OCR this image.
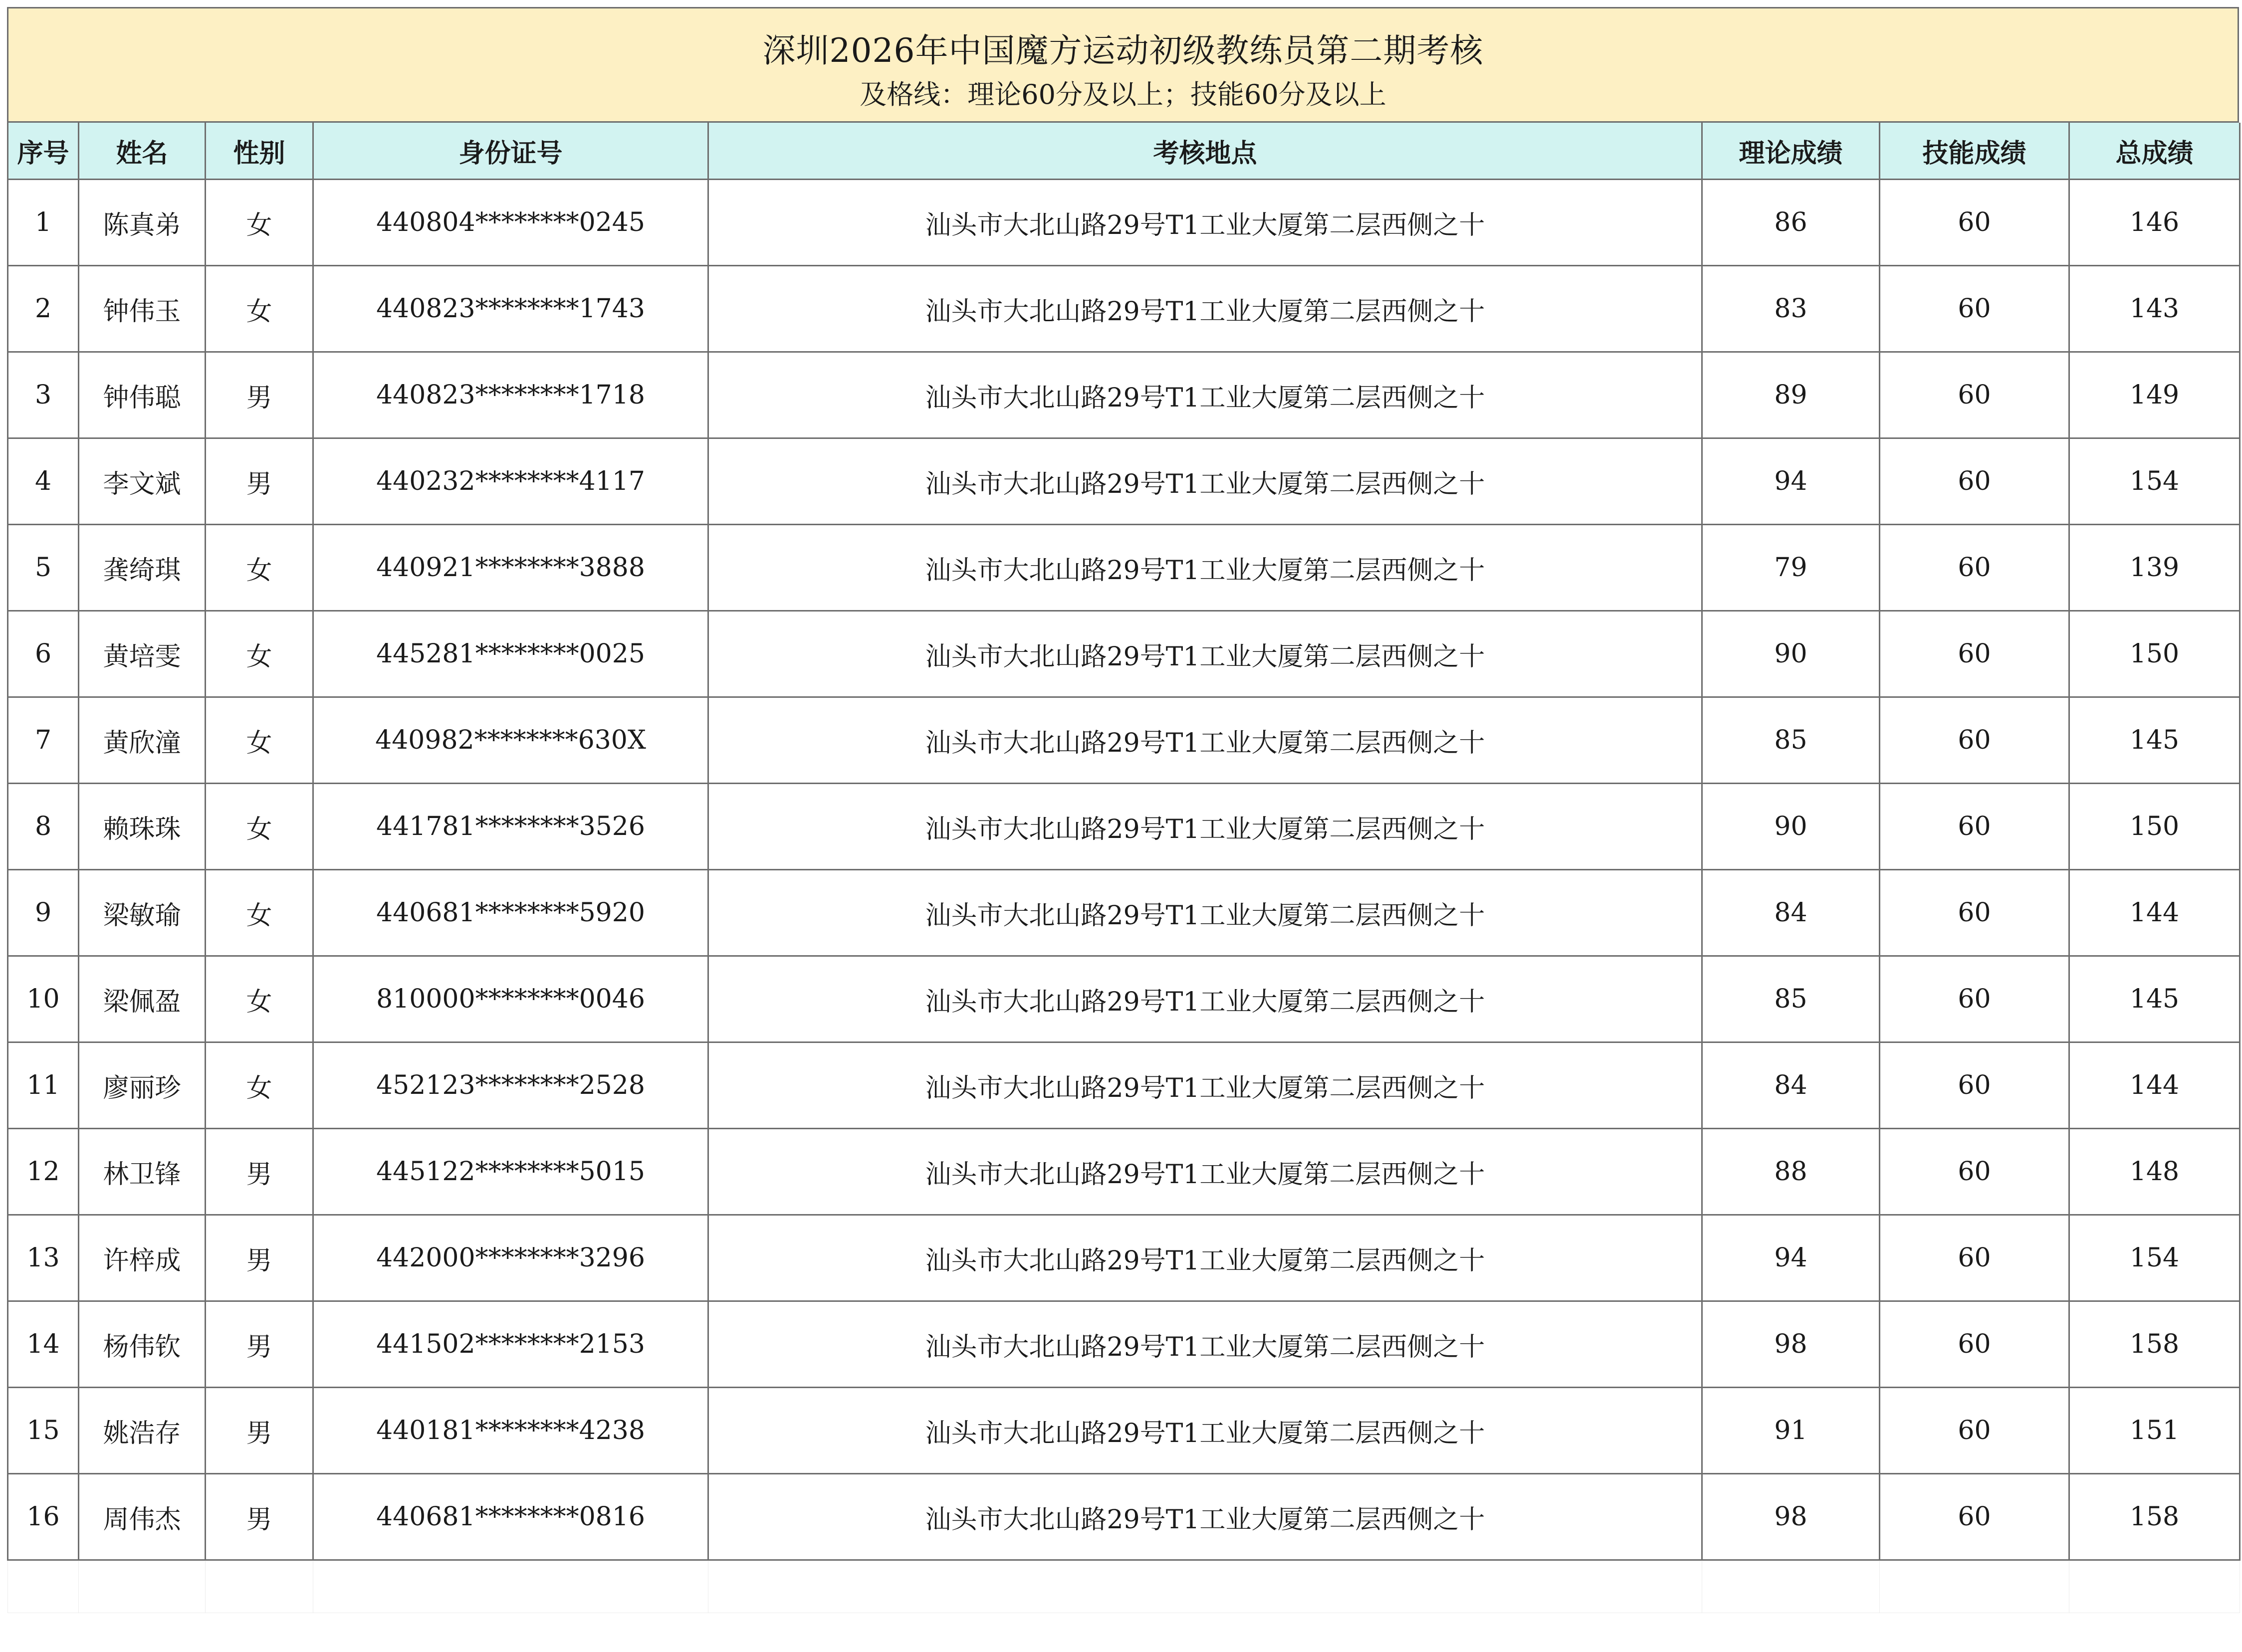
深圳2026年中国魔方运动初级教练员第二期考核
及格线：理论60分及以上；技能60分及以上
序号	姓名	性别	身份证号	考核地点	理论成绩	技能成绩	总成绩
1	陈真弟	女	440804********0245	汕头市大北山路29号T1工业大厦第二层西侧之十	86	60	146
2	钟伟玉	女	440823********1743	汕头市大北山路29号T1工业大厦第二层西侧之十	83	60	143
3	钟伟聪	男	440823********1718	汕头市大北山路29号T1工业大厦第二层西侧之十	89	60	149
4	李文斌	男	440232********4117	汕头市大北山路29号T1工业大厦第二层西侧之十	94	60	154
5	龚绮琪	女	440921********3888	汕头市大北山路29号T1工业大厦第二层西侧之十	79	60	139
6	黄培雯	女	445281********0025	汕头市大北山路29号T1工业大厦第二层西侧之十	90	60	150
7	黄欣潼	女	440982********630X	汕头市大北山路29号T1工业大厦第二层西侧之十	85	60	145
8	赖珠珠	女	441781********3526	汕头市大北山路29号T1工业大厦第二层西侧之十	90	60	150
9	梁敏瑜	女	440681********5920	汕头市大北山路29号T1工业大厦第二层西侧之十	84	60	144
10	梁佩盈	女	810000********0046	汕头市大北山路29号T1工业大厦第二层西侧之十	85	60	145
11	廖丽珍	女	452123********2528	汕头市大北山路29号T1工业大厦第二层西侧之十	84	60	144
12	林卫锋	男	445122********5015	汕头市大北山路29号T1工业大厦第二层西侧之十	88	60	148
13	许梓成	男	442000********3296	汕头市大北山路29号T1工业大厦第二层西侧之十	94	60	154
14	杨伟钦	男	441502********2153	汕头市大北山路29号T1工业大厦第二层西侧之十	98	60	158
15	姚浩存	男	440181********4238	汕头市大北山路29号T1工业大厦第二层西侧之十	91	60	151
16	周伟杰	男	440681********0816	汕头市大北山路29号T1工业大厦第二层西侧之十	98	60	158
